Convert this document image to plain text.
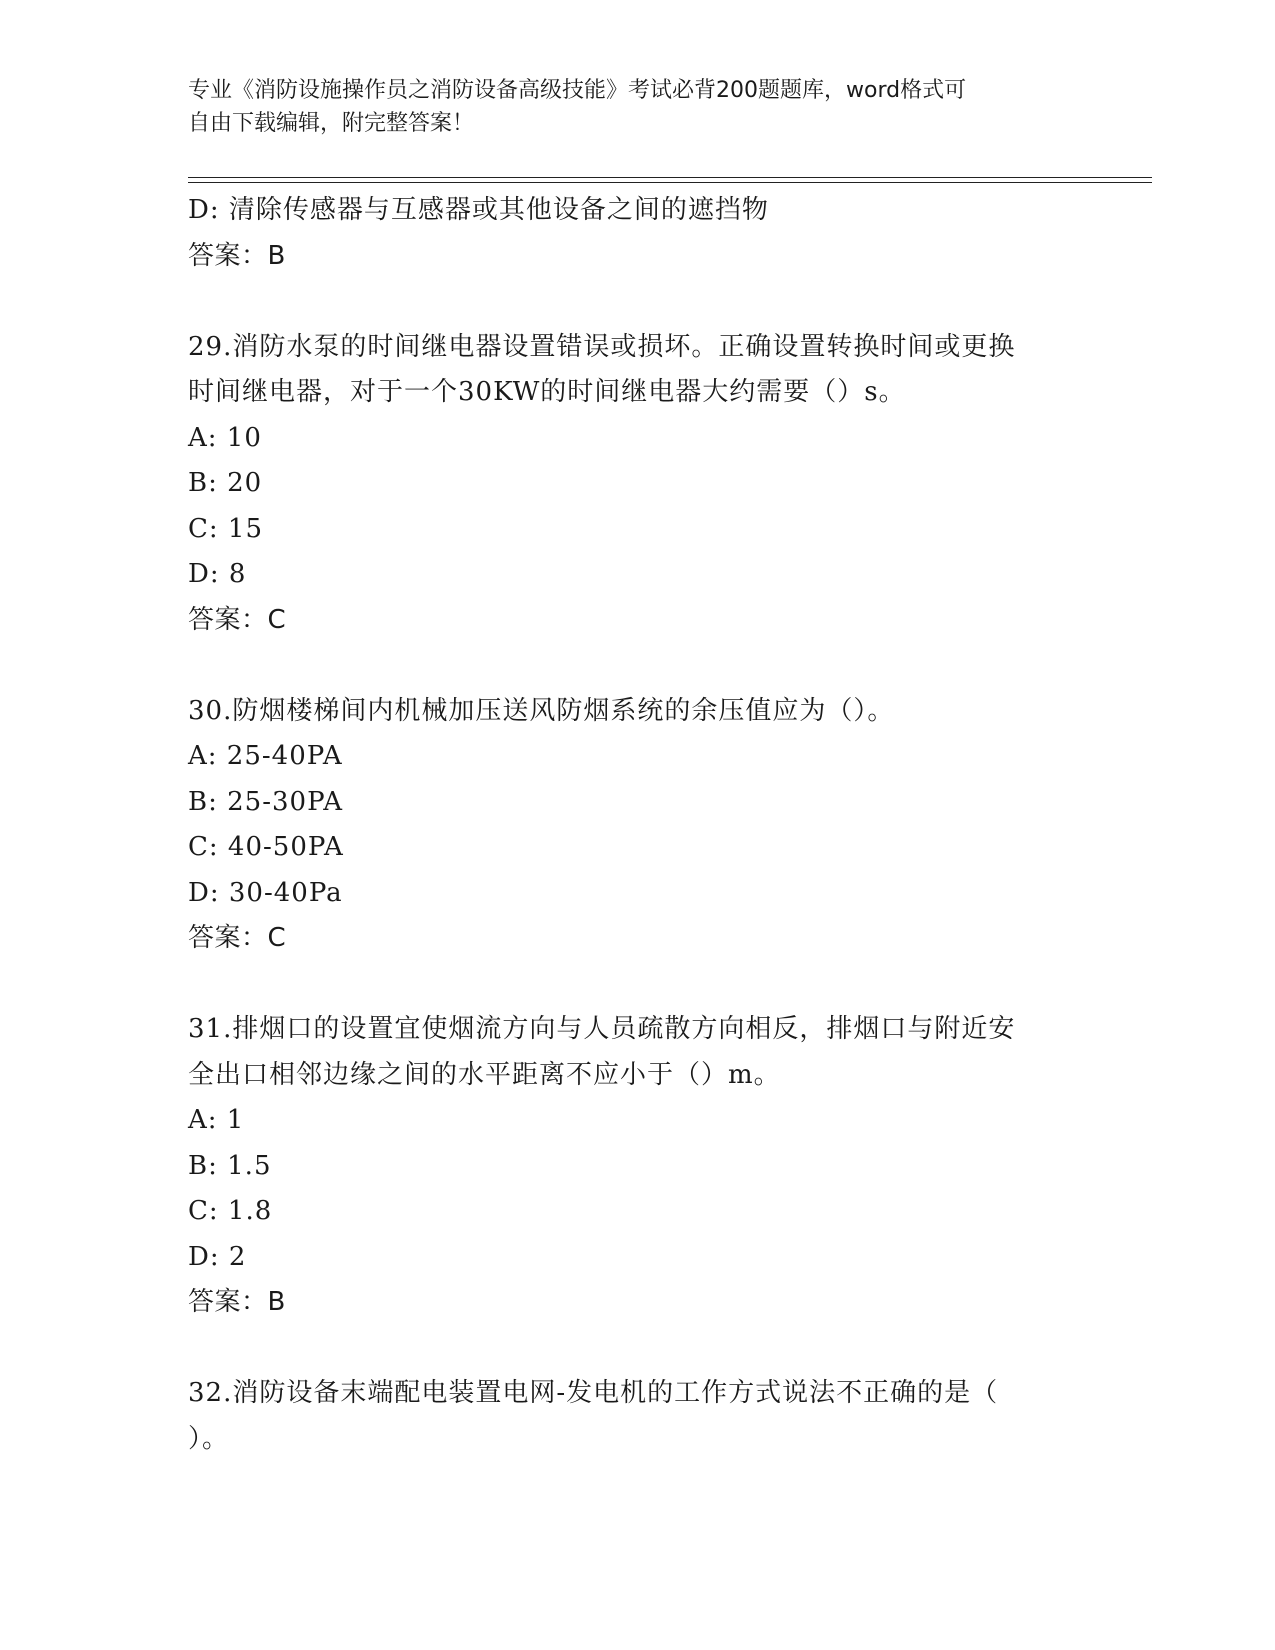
专业《消防设施操作员之消防设备高级技能》考试必背200题题库，word格式可
自由下载编辑，附完整答案！
D: 清除传感器与互感器或其他设备之间的遮挡物
答案：B
29.消防水泵的时间继电器设置错误或损坏。正确设置转换时间或更换
时间继电器，对于一个30KW的时间继电器大约需要（）s。
A: 10
B: 20
C: 15
D: 8
答案：C
30.防烟楼梯间内机械加压送风防烟系统的余压值应为（）。
A: 25-40PA
B: 25-30PA
C: 40-50PA
D: 30-40Pa
答案：C
31.排烟口的设置宜使烟流方向与人员疏散方向相反，排烟口与附近安
全出口相邻边缘之间的水平距离不应小于（）m。
A: 1
B: 1.5
C: 1.8
D: 2
答案：B
32.消防设备末端配电装置电网-发电机的工作方式说法不正确的是（
）。
